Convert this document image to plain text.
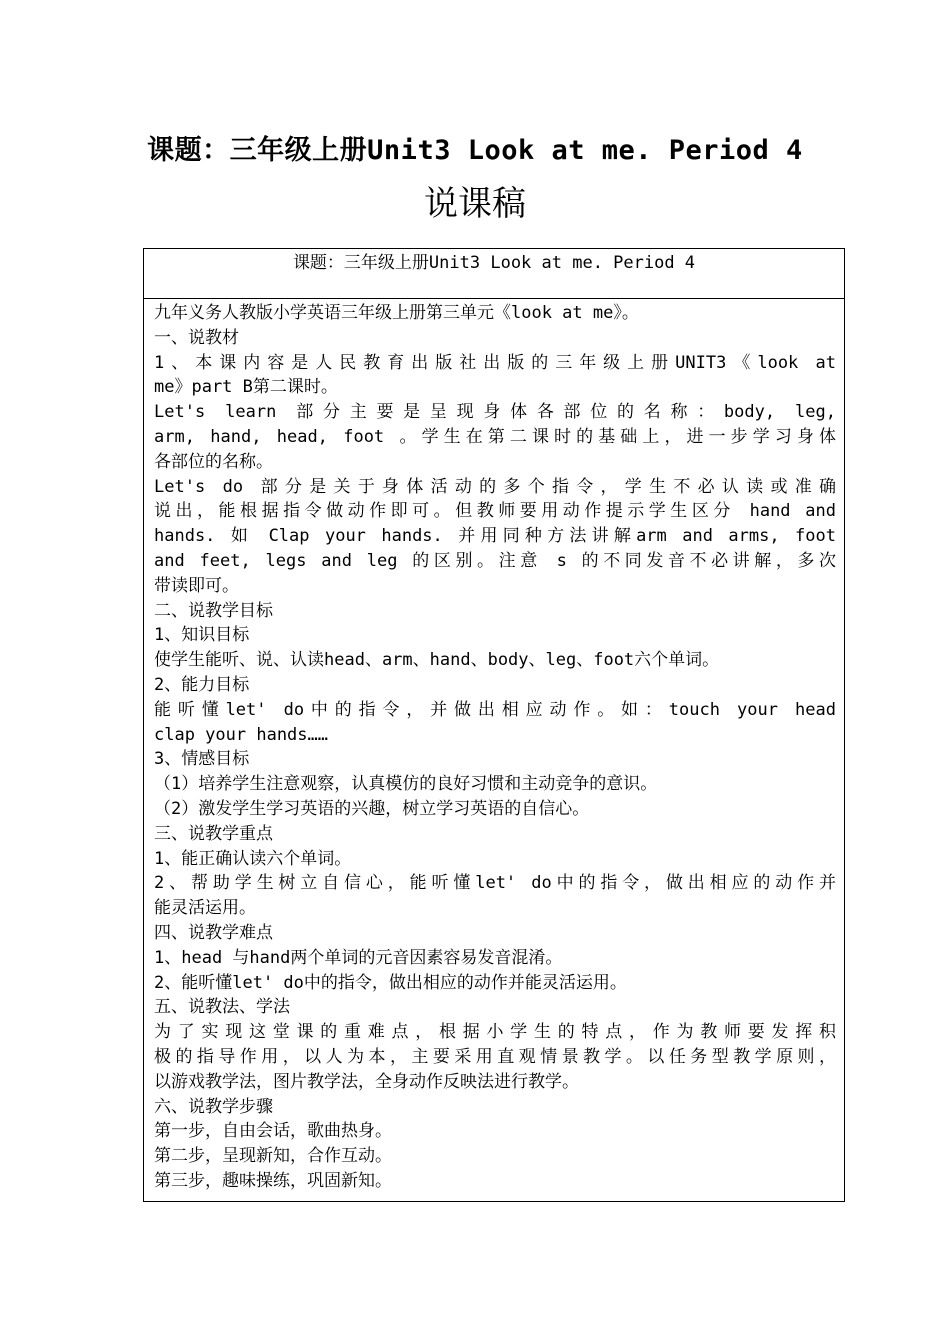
课题：三年级上册Unit3 Look at me. Period 4
说课稿
课题：三年级上册Unit3 Look at me. Period 4
九年义务人教版小学英语三年级上册第三单元《look at me》。
一、说教材
1、本课内容是人民教育出版社出版的三年级上册UNIT3《look at
me》part B第二课时。
Let's learn 部分主要是呈现身体各部位的名称：body, leg,
arm, hand, head, foot 。学生在第二课时的基础上，进一步学习身体
各部位的名称。
Let's do 部分是关于身体活动的多个指令，学生不必认读或准确
说出，能根据指令做动作即可。但教师要用动作提示学生区分 hand and
hands. 如 Clap your hands. 并用同种方法讲解arm and arms, foot
and feet, legs and leg 的区别。注意 s 的不同发音不必讲解，多次
带读即可。
二、说教学目标
1、知识目标
使学生能听、说、认读head、arm、hand、body、leg、foot六个单词。
2、能力目标
能听懂let' do中的指令，并做出相应动作。如：touch your head
clap your hands……
3、情感目标
（1）培养学生注意观察，认真模仿的良好习惯和主动竞争的意识。
（2）激发学生学习英语的兴趣，树立学习英语的自信心。
三、说教学重点
1、能正确认读六个单词。
2、帮助学生树立自信心，能听懂let' do中的指令，做出相应的动作并
能灵活运用。
四、说教学难点
1、head 与hand两个单词的元音因素容易发音混淆。
2、能听懂let' do中的指令，做出相应的动作并能灵活运用。
五、说教法、学法
为了实现这堂课的重难点，根据小学生的特点，作为教师要发挥积
极的指导作用，以人为本，主要采用直观情景教学。以任务型教学原则，
以游戏教学法，图片教学法，全身动作反映法进行教学。
六、说教学步骤
第一步，自由会话，歌曲热身。
第二步，呈现新知，合作互动。
第三步，趣味操练，巩固新知。
